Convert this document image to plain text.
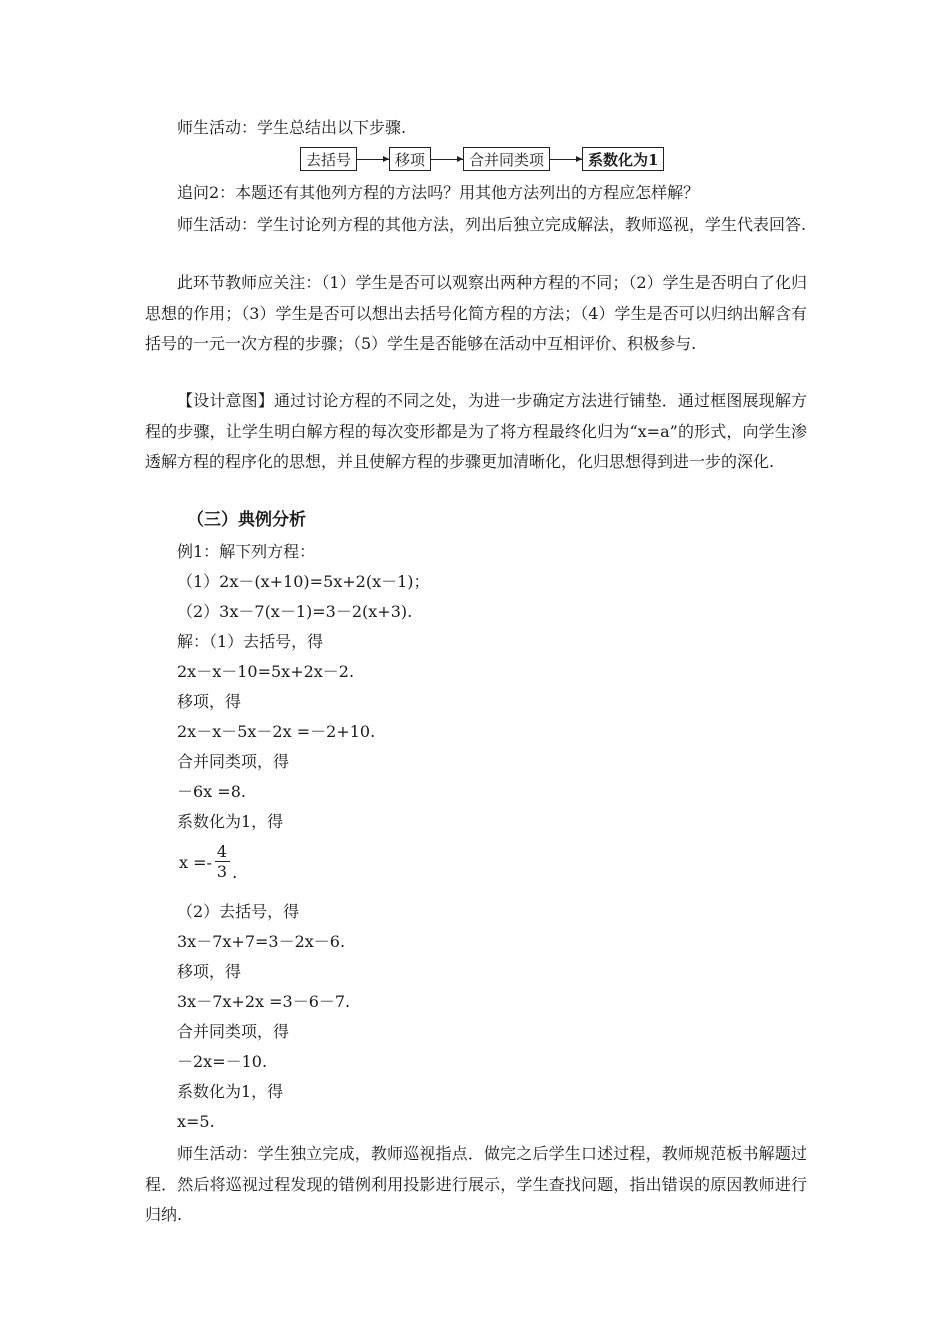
师生活动：学生总结出以下步骤.
去括号	移项	合并同类项	系数化为1
追问2：本题还有其他列方程的方法吗？用其他方法列出的方程应怎样解？
师生活动：学生讨论列方程的其他方法，列出后独立完成解法，教师巡视，学生代表回答.
此环节教师应关注：（1）学生是否可以观察出两种方程的不同；（2）学生是否明白了化归思想的作用；（3）学生是否可以想出去括号化简方程的方法；（4）学生是否可以归纳出解含有括号的一元一次方程的步骤；（5）学生是否能够在活动中互相评价、积极参与.
【设计意图】通过讨论方程的不同之处，为进一步确定方法进行铺垫．通过框图展现解方程的步骤，让学生明白解方程的每次变形都是为了将方程最终化归为“x=a”的形式，向学生渗透解方程的程序化的思想，并且使解方程的步骤更加清晰化，化归思想得到进一步的深化.
（三）典例分析
例1：解下列方程：
（1）2x－(x+10)=5x+2(x－1)；
（2）3x－7(x－1)=3－2(x+3).
解：（1）去括号，得
2x－x－10=5x+2x－2.
移项，得
2x－x－5x－2x =－2+10.
合并同类项，得
－6x =8.
系数化为1，得
$x =- \frac{4}{3}$ .
（2）去括号，得
3x－7x+7=3－2x－6.
移项，得
3x－7x+2x =3－6－7.
合并同类项，得
－2x=－10.
系数化为1，得
x=5.
师生活动：学生独立完成，教师巡视指点．做完之后学生口述过程，教师规范板书解题过程．然后将巡视过程发现的错例利用投影进行展示，学生查找问题，指出错误的原因教师进行归纳.
